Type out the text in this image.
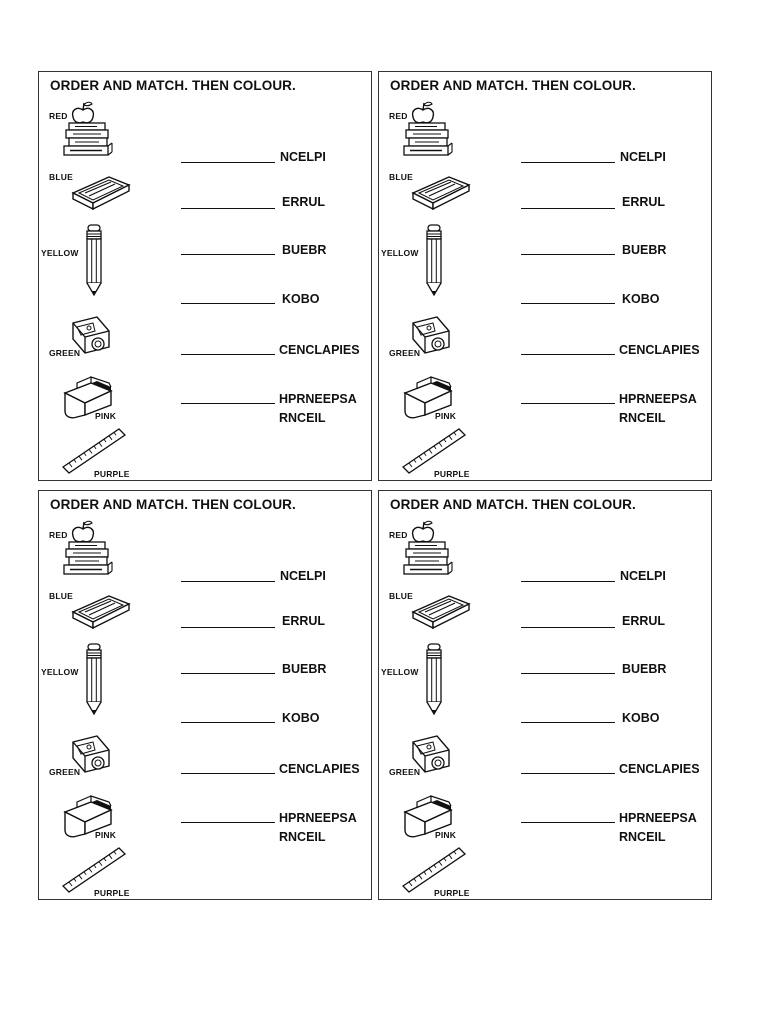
ORDER AND MATCH. THEN COLOUR.
RED
NCELPI
BLUE
ERRUL
YELLOW	BUEBR
GREEN
KOBO
PINK
CENCLAPIES
PURPLE
HPRNEEPSA
RNCEIL
ORDER AND MATCH. THEN COLOUR.
RED
NCELPI
BLUE
ERRUL
YELLOW	BUEBR
GREEN
KOBO
PINK
CENCLAPIES
PURPLE
HPRNEEPSA
RNCEIL
ORDER AND MATCH. THEN COLOUR.
RED
NCELPI
BLUE
ERRUL
YELLOW	BUEBR
GREEN
KOBO
PINK
CENCLAPIES
PURPLE
HPRNEEPSA
RNCEIL
ORDER AND MATCH. THEN COLOUR.
RED
NCELPI
BLUE
ERRUL
YELLOW	BUEBR
GREEN
KOBO
PINK
CENCLAPIES
PURPLE
HPRNEEPSA
RNCEIL
